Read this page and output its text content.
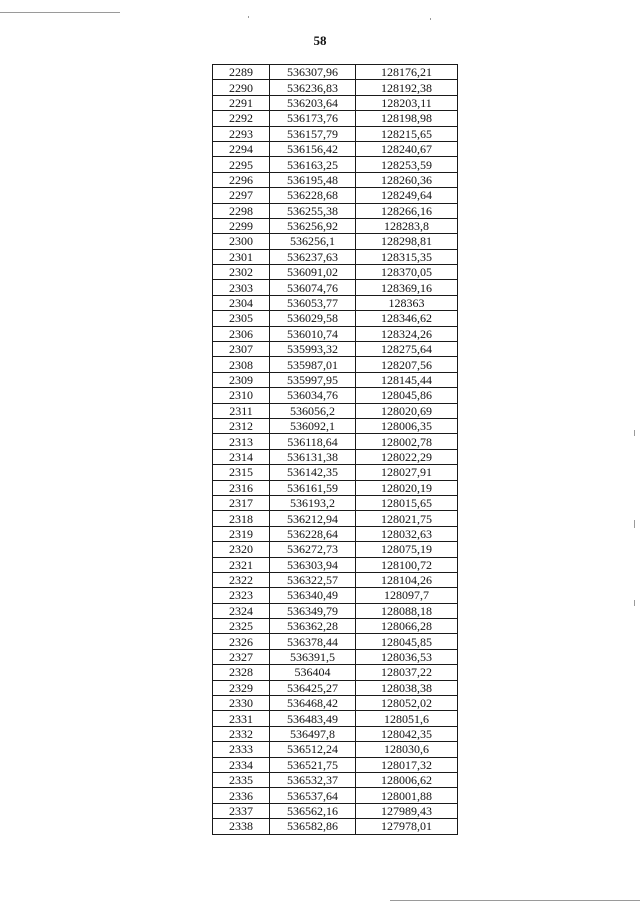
58
2289	536307,96	128176,21
2290	536236,83	128192,38
2291	536203,64	128203,11
2292	536173,76	128198,98
2293	536157,79	128215,65
2294	536156,42	128240,67
2295	536163,25	128253,59
2296	536195,48	128260,36
2297	536228,68	128249,64
2298	536255,38	128266,16
2299	536256,92	128283,8
2300	536256,1	128298,81
2301	536237,63	128315,35
2302	536091,02	128370,05
2303	536074,76	128369,16
2304	536053,77	128363
2305	536029,58	128346,62
2306	536010,74	128324,26
2307	535993,32	128275,64
2308	535987,01	128207,56
2309	535997,95	128145,44
2310	536034,76	128045,86
2311	536056,2	128020,69
2312	536092,1	128006,35
2313	536118,64	128002,78
2314	536131,38	128022,29
2315	536142,35	128027,91
2316	536161,59	128020,19
2317	536193,2	128015,65
2318	536212,94	128021,75
2319	536228,64	128032,63
2320	536272,73	128075,19
2321	536303,94	128100,72
2322	536322,57	128104,26
2323	536340,49	128097,7
2324	536349,79	128088,18
2325	536362,28	128066,28
2326	536378,44	128045,85
2327	536391,5	128036,53
2328	536404	128037,22
2329	536425,27	128038,38
2330	536468,42	128052,02
2331	536483,49	128051,6
2332	536497,8	128042,35
2333	536512,24	128030,6
2334	536521,75	128017,32
2335	536532,37	128006,62
2336	536537,64	128001,88
2337	536562,16	127989,43
2338	536582,86	127978,01
